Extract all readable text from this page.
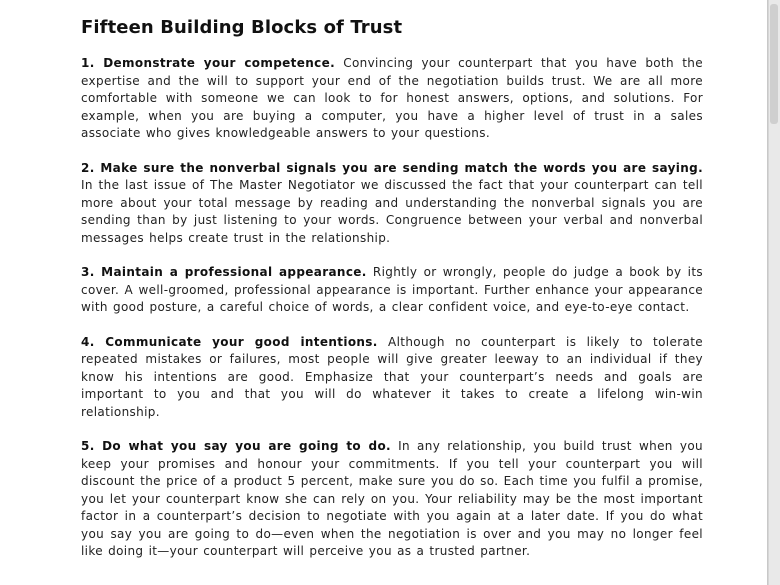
Fifteen Building Blocks of Trust

1. Demonstrate your competence. Convincing your counterpart that you have both the expertise and the will to support your end of the negotiation builds trust. We are all more comfortable with someone we can look to for honest answers, options, and solutions. For example, when you are buying a computer, you have a higher level of trust in a sales associate who gives knowledgeable answers to your questions.

2. Make sure the nonverbal signals you are sending match the words you are saying. In the last issue of The Master Negotiator we discussed the fact that your counterpart can tell more about your total message by reading and understanding the nonverbal signals you are sending than by just listening to your words. Congruence between your verbal and nonverbal messages helps create trust in the relationship.

3. Maintain a professional appearance. Rightly or wrongly, people do judge a book by its cover. A well-groomed, professional appearance is important. Further enhance your appearance with good posture, a careful choice of words, a clear confident voice, and eye-to-eye contact.

4. Communicate your good intentions. Although no counterpart is likely to tolerate repeated mistakes or failures, most people will give greater leeway to an individual if they know his intentions are good. Emphasize that your counterpart’s needs and goals are important to you and that you will do whatever it takes to create a lifelong win-win relationship.

5. Do what you say you are going to do. In any relationship, you build trust when you keep your promises and honour your commitments. If you tell your counterpart you will discount the price of a product 5 percent, make sure you do so. Each time you fulfil a promise, you let your counterpart know she can rely on you. Your reliability may be the most important factor in a counterpart’s decision to negotiate with you again at a later date. If you do what you say you are going to do—even when the negotiation is over and you may no longer feel like doing it—your counterpart will perceive you as a trusted partner.
